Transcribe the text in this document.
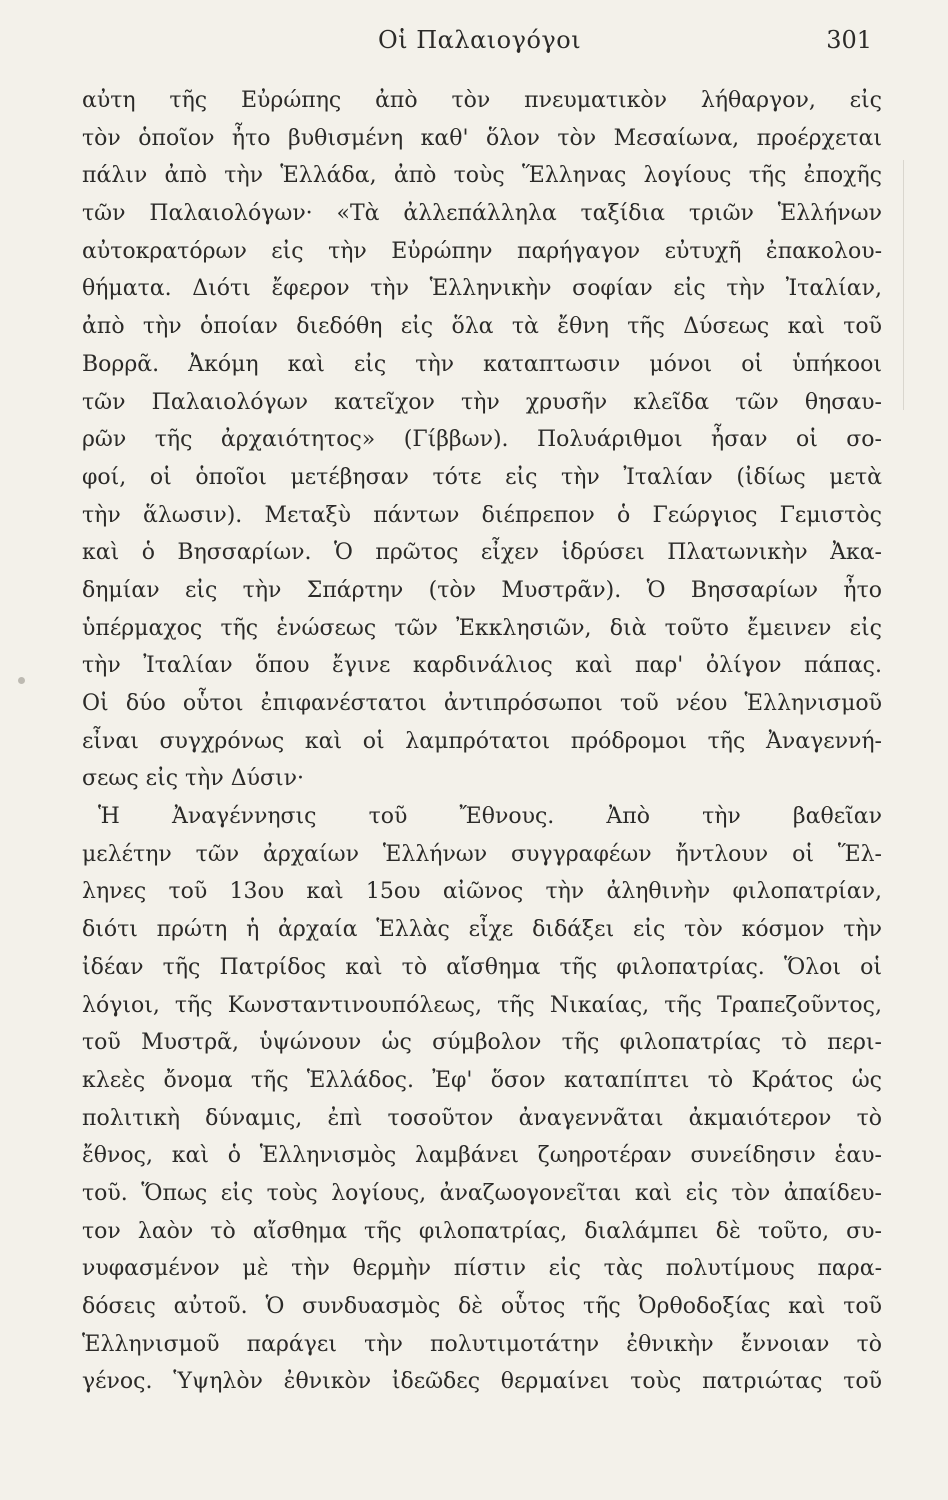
Οἱ Παλαιογόγοι	301
αὐτη τῆς Εὐρώπης ἀπὸ τὸν πνευματικὸν λήθαργον, εἰς
τὸν ὁποῖον ἦτο βυθισμένη καθ' ὅλον τὸν Μεσαίωνα, προέρχεται
πάλιν ἀπὸ τὴν Ἑλλάδα, ἀπὸ τοὺς Ἕλληνας λογίους τῆς ἐποχῆς
τῶν Παλαιολόγων· «Τὰ ἀλλεπάλληλα ταξίδια τριῶν Ἑλλήνων
αὐτοκρατόρων εἰς τὴν Εὐρώπην παρήγαγον εὐτυχῆ ἐπακολου-
θήματα. Διότι ἔφερον τὴν Ἑλληνικὴν σοφίαν εἰς τὴν Ἰταλίαν,
ἀπὸ τὴν ὁποίαν διεδόθη εἰς ὅλα τὰ ἔθνη τῆς Δύσεως καὶ τοῦ
Βορρᾶ. Ἀκόμη καὶ εἰς τὴν καταπτωσιν μόνοι οἱ ὑπήκοοι
τῶν Παλαιολόγων κατεῖχον τὴν χρυσῆν κλεῖδα τῶν θησαυ-
ρῶν τῆς ἀρχαιότητος» (Γίββων). Πολυάριθμοι ἦσαν οἱ σο-
φοί, οἱ ὁποῖοι μετέβησαν τότε εἰς τὴν Ἰταλίαν (ἰδίως μετὰ
τὴν ἅλωσιν). Μεταξὺ πάντων διέπρεπον ὁ Γεώργιος Γεμιστὸς
καὶ ὁ Βησσαρίων. Ὁ πρῶτος εἶχεν ἱδρύσει Πλατωνικὴν Ἀκα-
δημίαν εἰς τὴν Σπάρτην (τὸν Μυστρᾶν). Ὁ Βησσαρίων ἦτο
ὑπέρμαχος τῆς ἑνώσεως τῶν Ἐκκλησιῶν, διὰ τοῦτο ἔμεινεν εἰς
τὴν Ἰταλίαν ὅπου ἔγινε καρδινάλιος καὶ παρ' ὀλίγον πάπας.
Οἱ δύο οὗτοι ἐπιφανέστατοι ἀντιπρόσωποι τοῦ νέου Ἑλληνισμοῦ
εἶναι συγχρόνως καὶ οἱ λαμπρότατοι πρόδρομοι τῆς Ἀναγεννή-
σεως εἰς τὴν Δύσιν·
Ἡ Ἀναγέννησις τοῦ Ἔθνους. Ἀπὸ τὴν βαθεῖαν
μελέτην τῶν ἀρχαίων Ἑλλήνων συγγραφέων ἤντλουν οἱ Ἕλ-
ληνες τοῦ 13ου καὶ 15ου αἰῶνος τὴν ἀληθινὴν φιλοπατρίαν,
διότι πρώτη ἡ ἀρχαία Ἑλλὰς εἶχε διδάξει εἰς τὸν κόσμον τὴν
ἰδέαν τῆς Πατρίδος καὶ τὸ αἴσθημα τῆς φιλοπατρίας. Ὅλοι οἱ
λόγιοι, τῆς Κωνσταντινουπόλεως, τῆς Νικαίας, τῆς Τραπεζοῦντος,
τοῦ Μυστρᾶ, ὑψώνουν ὡς σύμβολον τῆς φιλοπατρίας τὸ περι-
κλεὲς ὄνομα τῆς Ἑλλάδος. Ἐφ' ὅσον καταπίπτει τὸ Κράτος ὡς
πολιτικὴ δύναμις, ἐπὶ τοσοῦτον ἀναγεννᾶται ἀκμαιότερον τὸ
ἔθνος, καὶ ὁ Ἑλληνισμὸς λαμβάνει ζωηροτέραν συνείδησιν ἑαυ-
τοῦ. Ὅπως εἰς τοὺς λογίους, ἀναζωογονεῖται καὶ εἰς τὸν ἀπαίδευ-
τον λαὸν τὸ αἴσθημα τῆς φιλοπατρίας, διαλάμπει δὲ τοῦτο, συ-
νυφασμένον μὲ τὴν θερμὴν πίστιν εἰς τὰς πολυτίμους παρα-
δόσεις αὐτοῦ. Ὁ συνδυασμὸς δὲ οὗτος τῆς Ὀρθοδοξίας καὶ τοῦ
Ἑλληνισμοῦ παράγει τὴν πολυτιμοτάτην ἐθνικὴν ἔννοιαν τὸ
γένος. Ὑψηλὸν ἐθνικὸν ἰδεῶδες θερμαίνει τοὺς πατριώτας τοῦ
